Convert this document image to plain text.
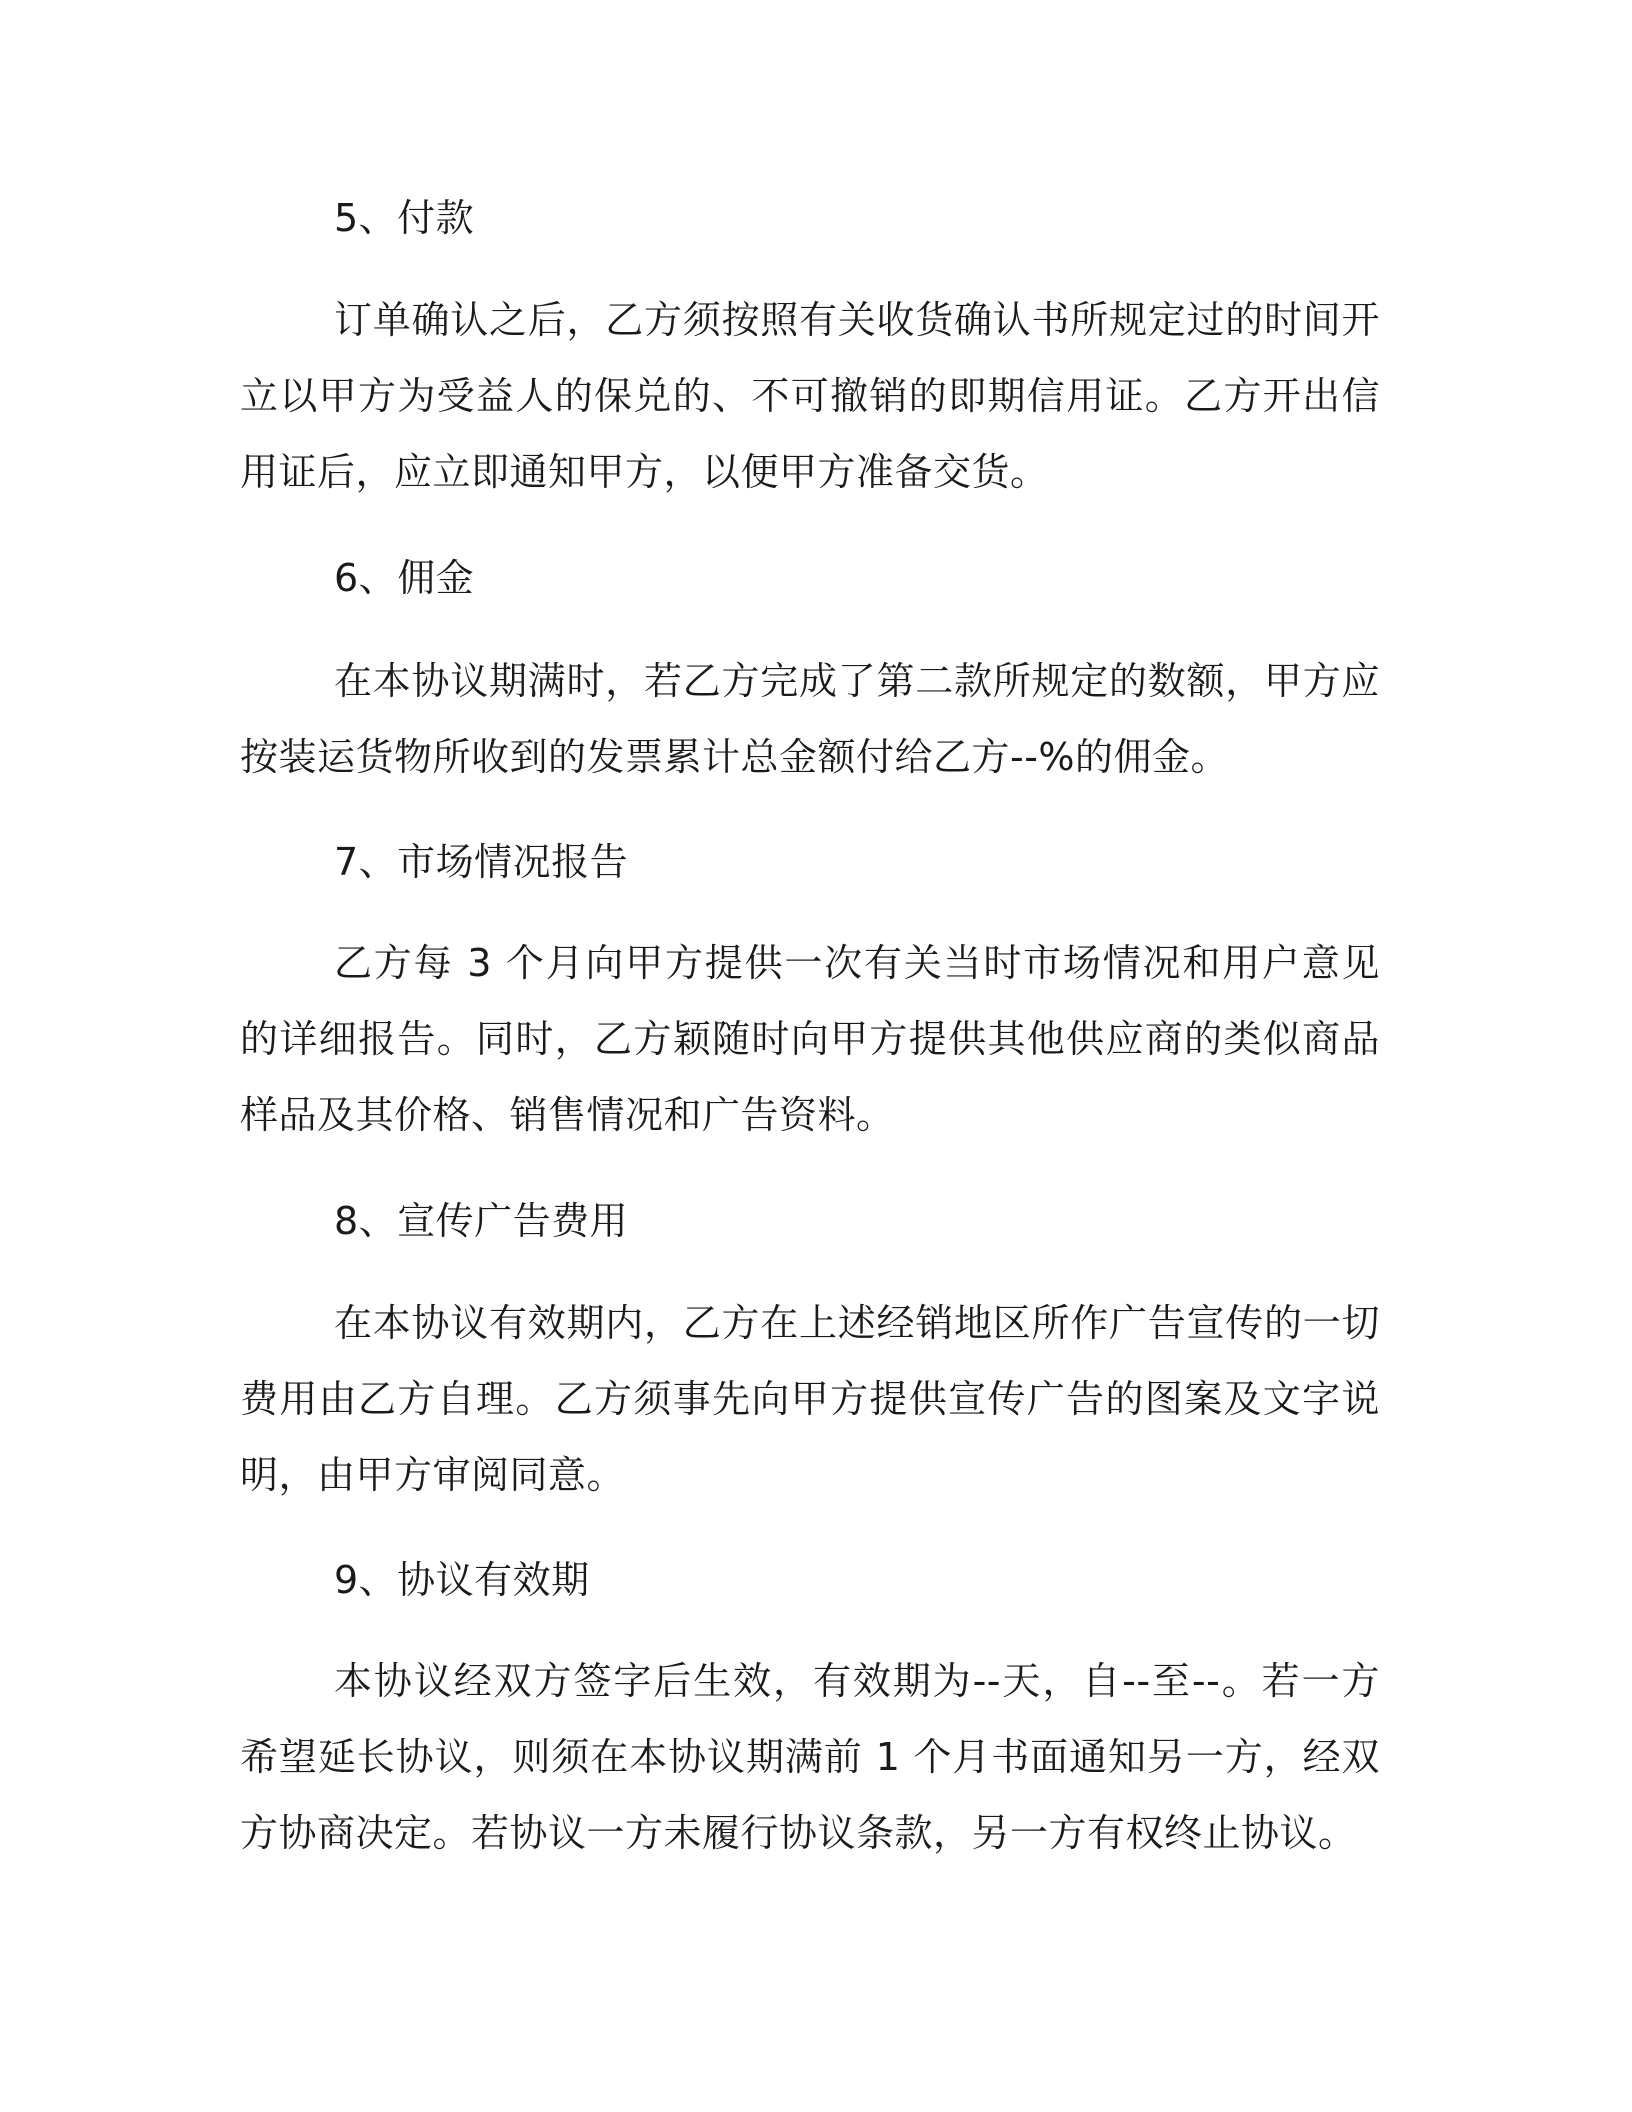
5、付款
订单确认之后，乙方须按照有关收货确认书所规定过的时间开立以甲方为受益人的保兑的、不可撤销的即期信用证。乙方开出信用证后，应立即通知甲方，以便甲方准备交货。
6、佣金
在本协议期满时，若乙方完成了第二款所规定的数额，甲方应按装运货物所收到的发票累计总金额付给乙方--%的佣金。
7、市场情况报告
乙方每 3 个月向甲方提供一次有关当时市场情况和用户意见的详细报告。同时，乙方颖随时向甲方提供其他供应商的类似商品样品及其价格、销售情况和广告资料。
8、宣传广告费用
在本协议有效期内，乙方在上述经销地区所作广告宣传的一切费用由乙方自理。乙方须事先向甲方提供宣传广告的图案及文字说明，由甲方审阅同意。
9、协议有效期
本协议经双方签字后生效，有效期为--天，自--至--。若一方希望延长协议，则须在本协议期满前 1 个月书面通知另一方，经双方协商决定。若协议一方未履行协议条款，另一方有权终止协议。
